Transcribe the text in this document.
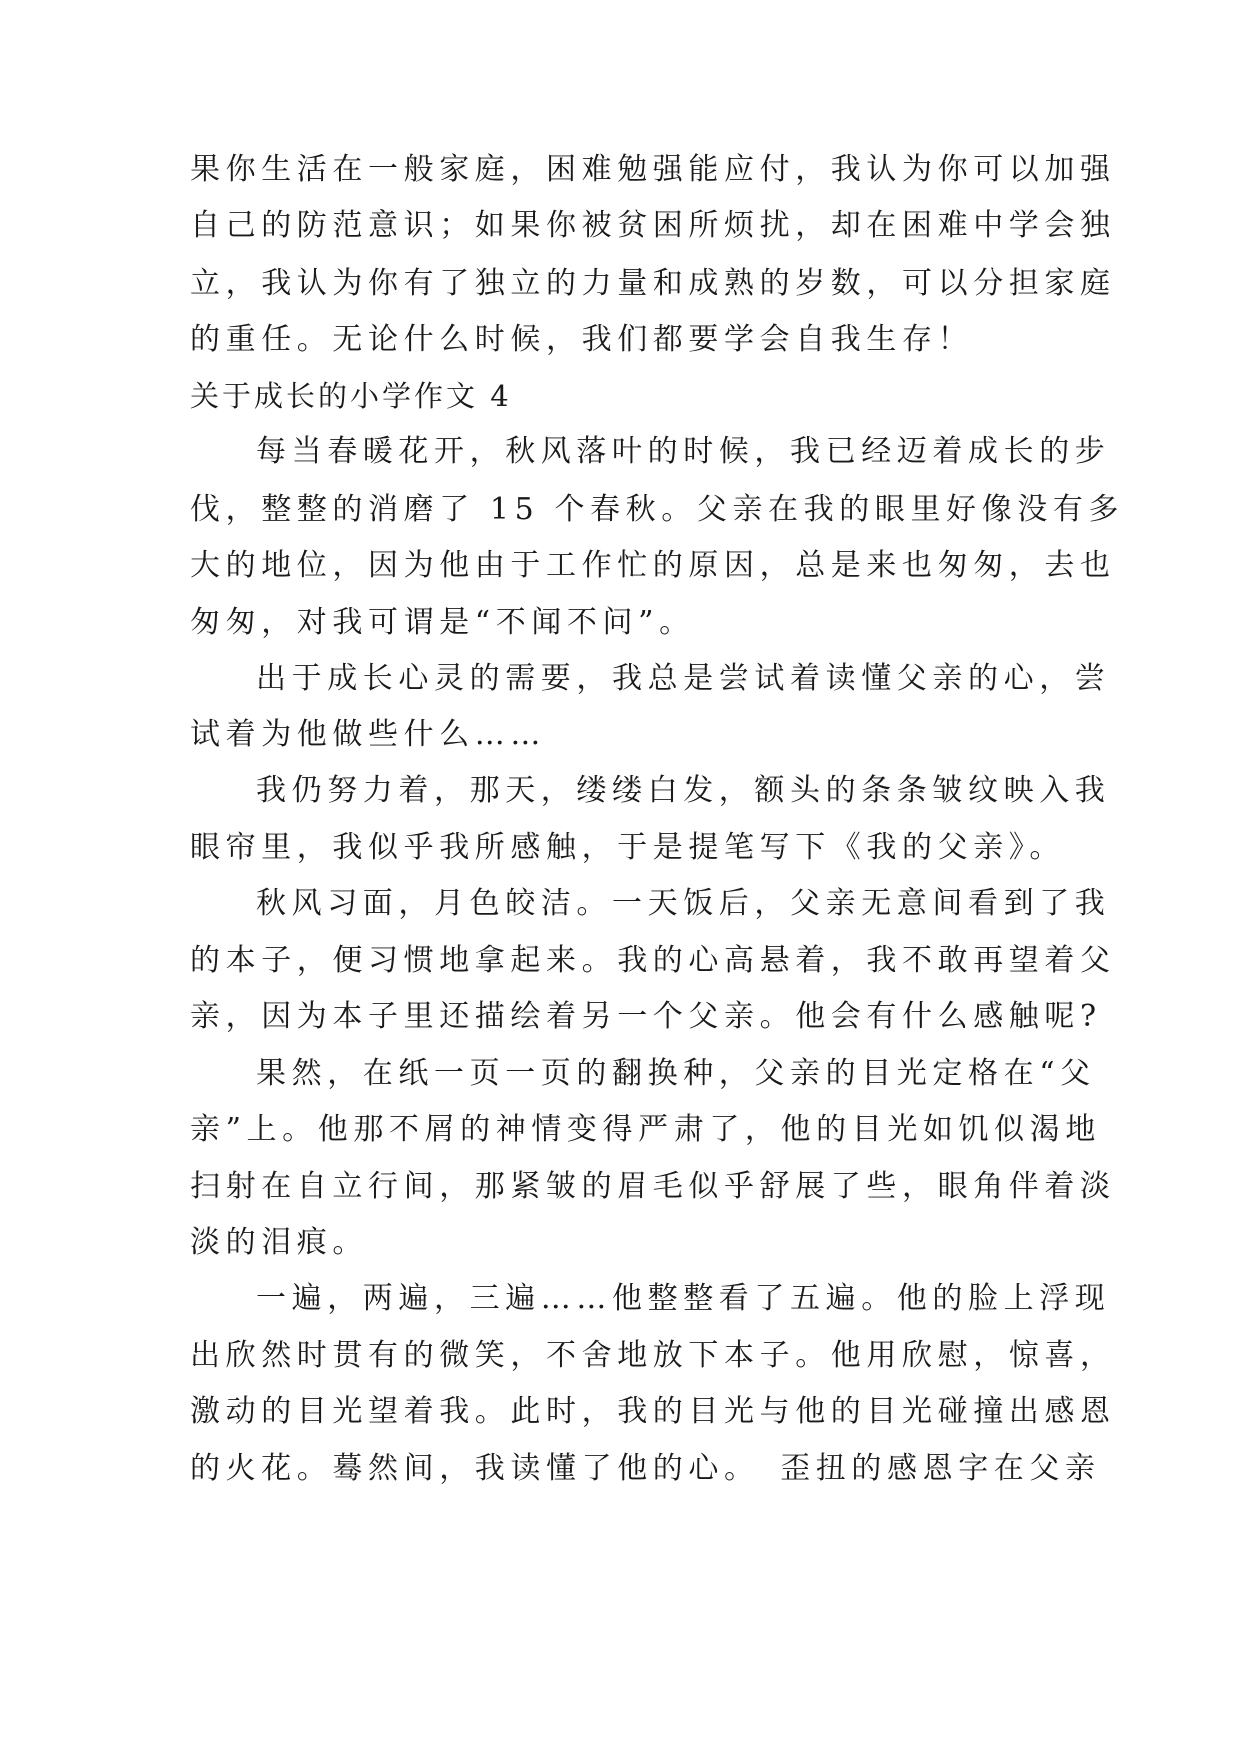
果你生活在一般家庭，困难勉强能应付，我认为你可以加强
自己的防范意识；如果你被贫困所烦扰，却在困难中学会独
立，我认为你有了独立的力量和成熟的岁数，可以分担家庭
的重任。无论什么时候，我们都要学会自我生存！
关于成长的小学作文 4
每当春暖花开，秋风落叶的时候，我已经迈着成长的步
伐，整整的消磨了 15 个春秋。父亲在我的眼里好像没有多
大的地位，因为他由于工作忙的原因，总是来也匆匆，去也
匆匆，对我可谓是“不闻不问”。
出于成长心灵的需要，我总是尝试着读懂父亲的心，尝
试着为他做些什么……
我仍努力着，那天，缕缕白发，额头的条条皱纹映入我
眼帘里，我似乎我所感触，于是提笔写下《我的父亲》。
秋风习面，月色皎洁。一天饭后，父亲无意间看到了我
的本子，便习惯地拿起来。我的心高悬着，我不敢再望着父
亲，因为本子里还描绘着另一个父亲。他会有什么感触呢?
果然，在纸一页一页的翻换种，父亲的目光定格在“父
亲”上。他那不屑的神情变得严肃了，他的目光如饥似渴地
扫射在自立行间，那紧皱的眉毛似乎舒展了些，眼角伴着淡
淡的泪痕。
一遍，两遍，三遍……他整整看了五遍。他的脸上浮现
出欣然时贯有的微笑，不舍地放下本子。他用欣慰，惊喜，
激动的目光望着我。此时，我的目光与他的目光碰撞出感恩
的火花。蓦然间，我读懂了他的心。　歪扭的感恩字在父亲
